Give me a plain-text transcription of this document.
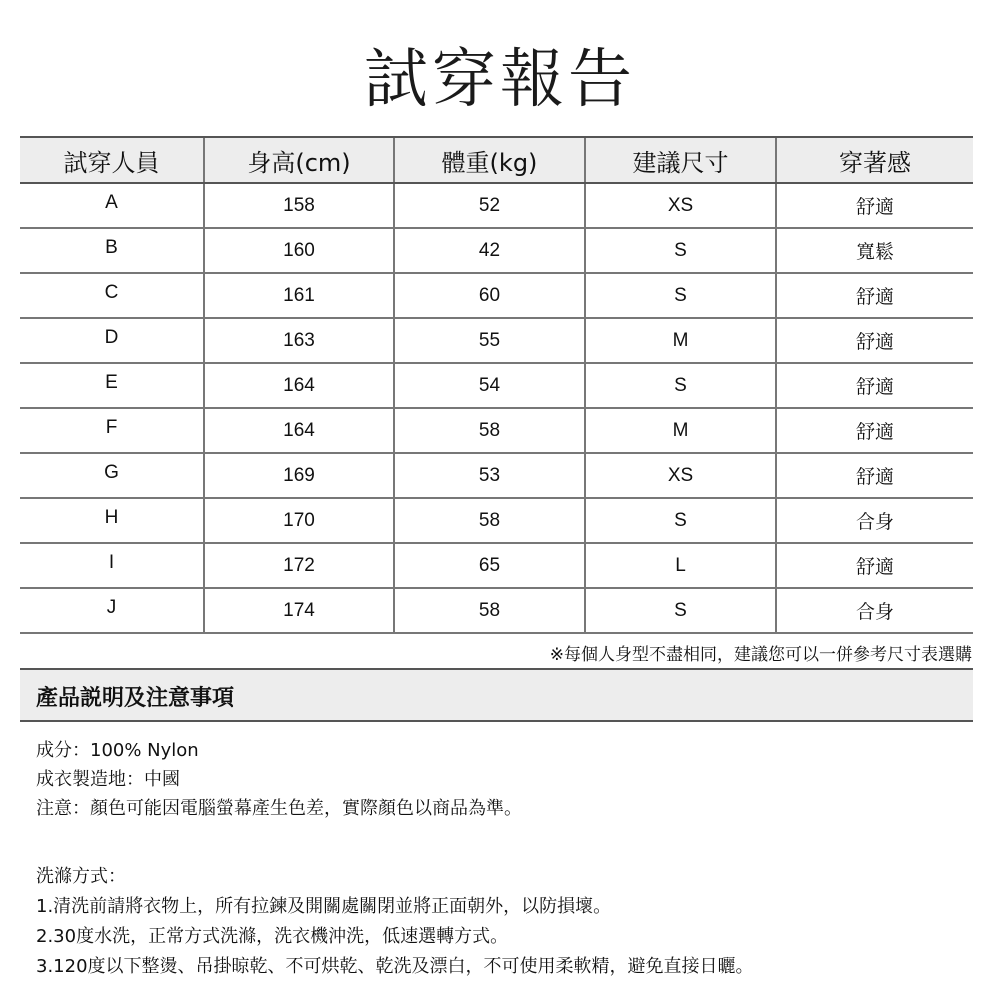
試穿報告
試穿人員	身高(cm)	體重(kg)	建議尺寸	穿著感
A	158	52	XS	舒適
B	160	42	S	寬鬆
C	161	60	S	舒適
D	163	55	M	舒適
E	164	54	S	舒適
F	164	58	M	舒適
G	169	53	XS	舒適
H	170	58	S	合身
I	172	65	L	舒適
J	174	58	S	合身
※每個人身型不盡相同，建議您可以一併參考尺寸表選購
產品説明及注意事項

成分：100% Nylon

成衣製造地：中國

注意：顏色可能因電腦螢幕產生色差，實際顏色以商品為準。

洗滌方式：

1.清洗前請將衣物上，所有拉鍊及開關處關閉並將正面朝外，以防損壞。

2.30度水洗，正常方式洗滌，洗衣機沖洗，低速選轉方式。

3.120度以下整燙、吊掛晾乾、不可烘乾、乾洗及漂白，不可使用柔軟精，避免直接日曬。
